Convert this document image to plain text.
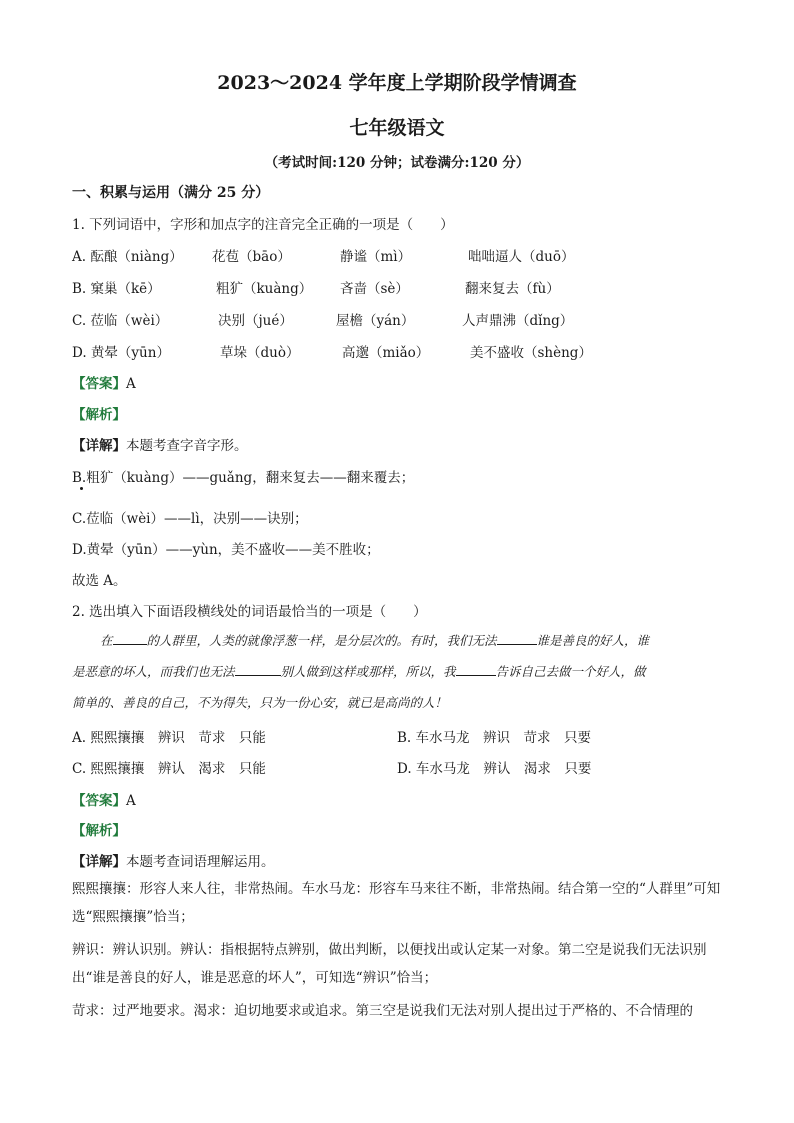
2023～2024 学年度上学期阶段学情调查
七年级语文
（考试时间:120 分钟；试卷满分:120 分）
一、积累与运用（满分 25 分）
1. 下列词语中，字形和加点字的注音完全正确的一项是（　　）
A. 酝酿（niàng） 花苞（bāo）	静谧（mì）	咄咄逼人（duō）
B. 窠巢（kē）	粗犷（kuàng） 吝啬（sè）	翻来复去（fù）
C. 莅临（wèi）	决别（jué）	屋檐（yán）	人声鼎沸（dǐng）
D. 黄晕（yūn）	草垛（duò）	高邈（miǎo）	美不盛收（shèng）
【答案】A
【解析】
【详解】本题考查字音字形。
B.粗犷（kuàng）——guǎng，翻来复去——翻来覆去；
C.莅临（wèi）——lì，决别——诀别；
D.黄晕（yūn）——yùn，美不盛收——美不胜收；
故选 A。
2. 选出填入下面语段横线处的词语最恰当的一项是（　　）
在	的人群里，人类的就像浮葱一样，是分层次的。有时，我们无法	谁是善良的好人，谁
是恶意的坏人，而我们也无法	别人做到这样或那样，所以，我	告诉自己去做一个好人，做
简单的、善良的自己，不为得失，只为一份心安，就已是高尚的人！
A. 熙熙攘攘　辨识　苛求　只能	B. 车水马龙　辨识　苛求　只要
C. 熙熙攘攘　辨认　渴求　只能	D. 车水马龙　辨认　渴求　只要
【答案】A
【解析】
【详解】本题考查词语理解运用。
熙熙攘攘：形容人来人往，非常热闹。车水马龙：形容车马来往不断，非常热闹。结合第一空的“人群里”可知选“熙熙攘攘”恰当；
辨识：辨认识别。辨认：指根据特点辨别，做出判断，以便找出或认定某一对象。第二空是说我们无法识别出“谁是善良的好人，谁是恶意的坏人”，可知选“辨识”恰当；
苛求：过严地要求。渴求：迫切地要求或追求。第三空是说我们无法对别人提出过于严格的、不合情理的
